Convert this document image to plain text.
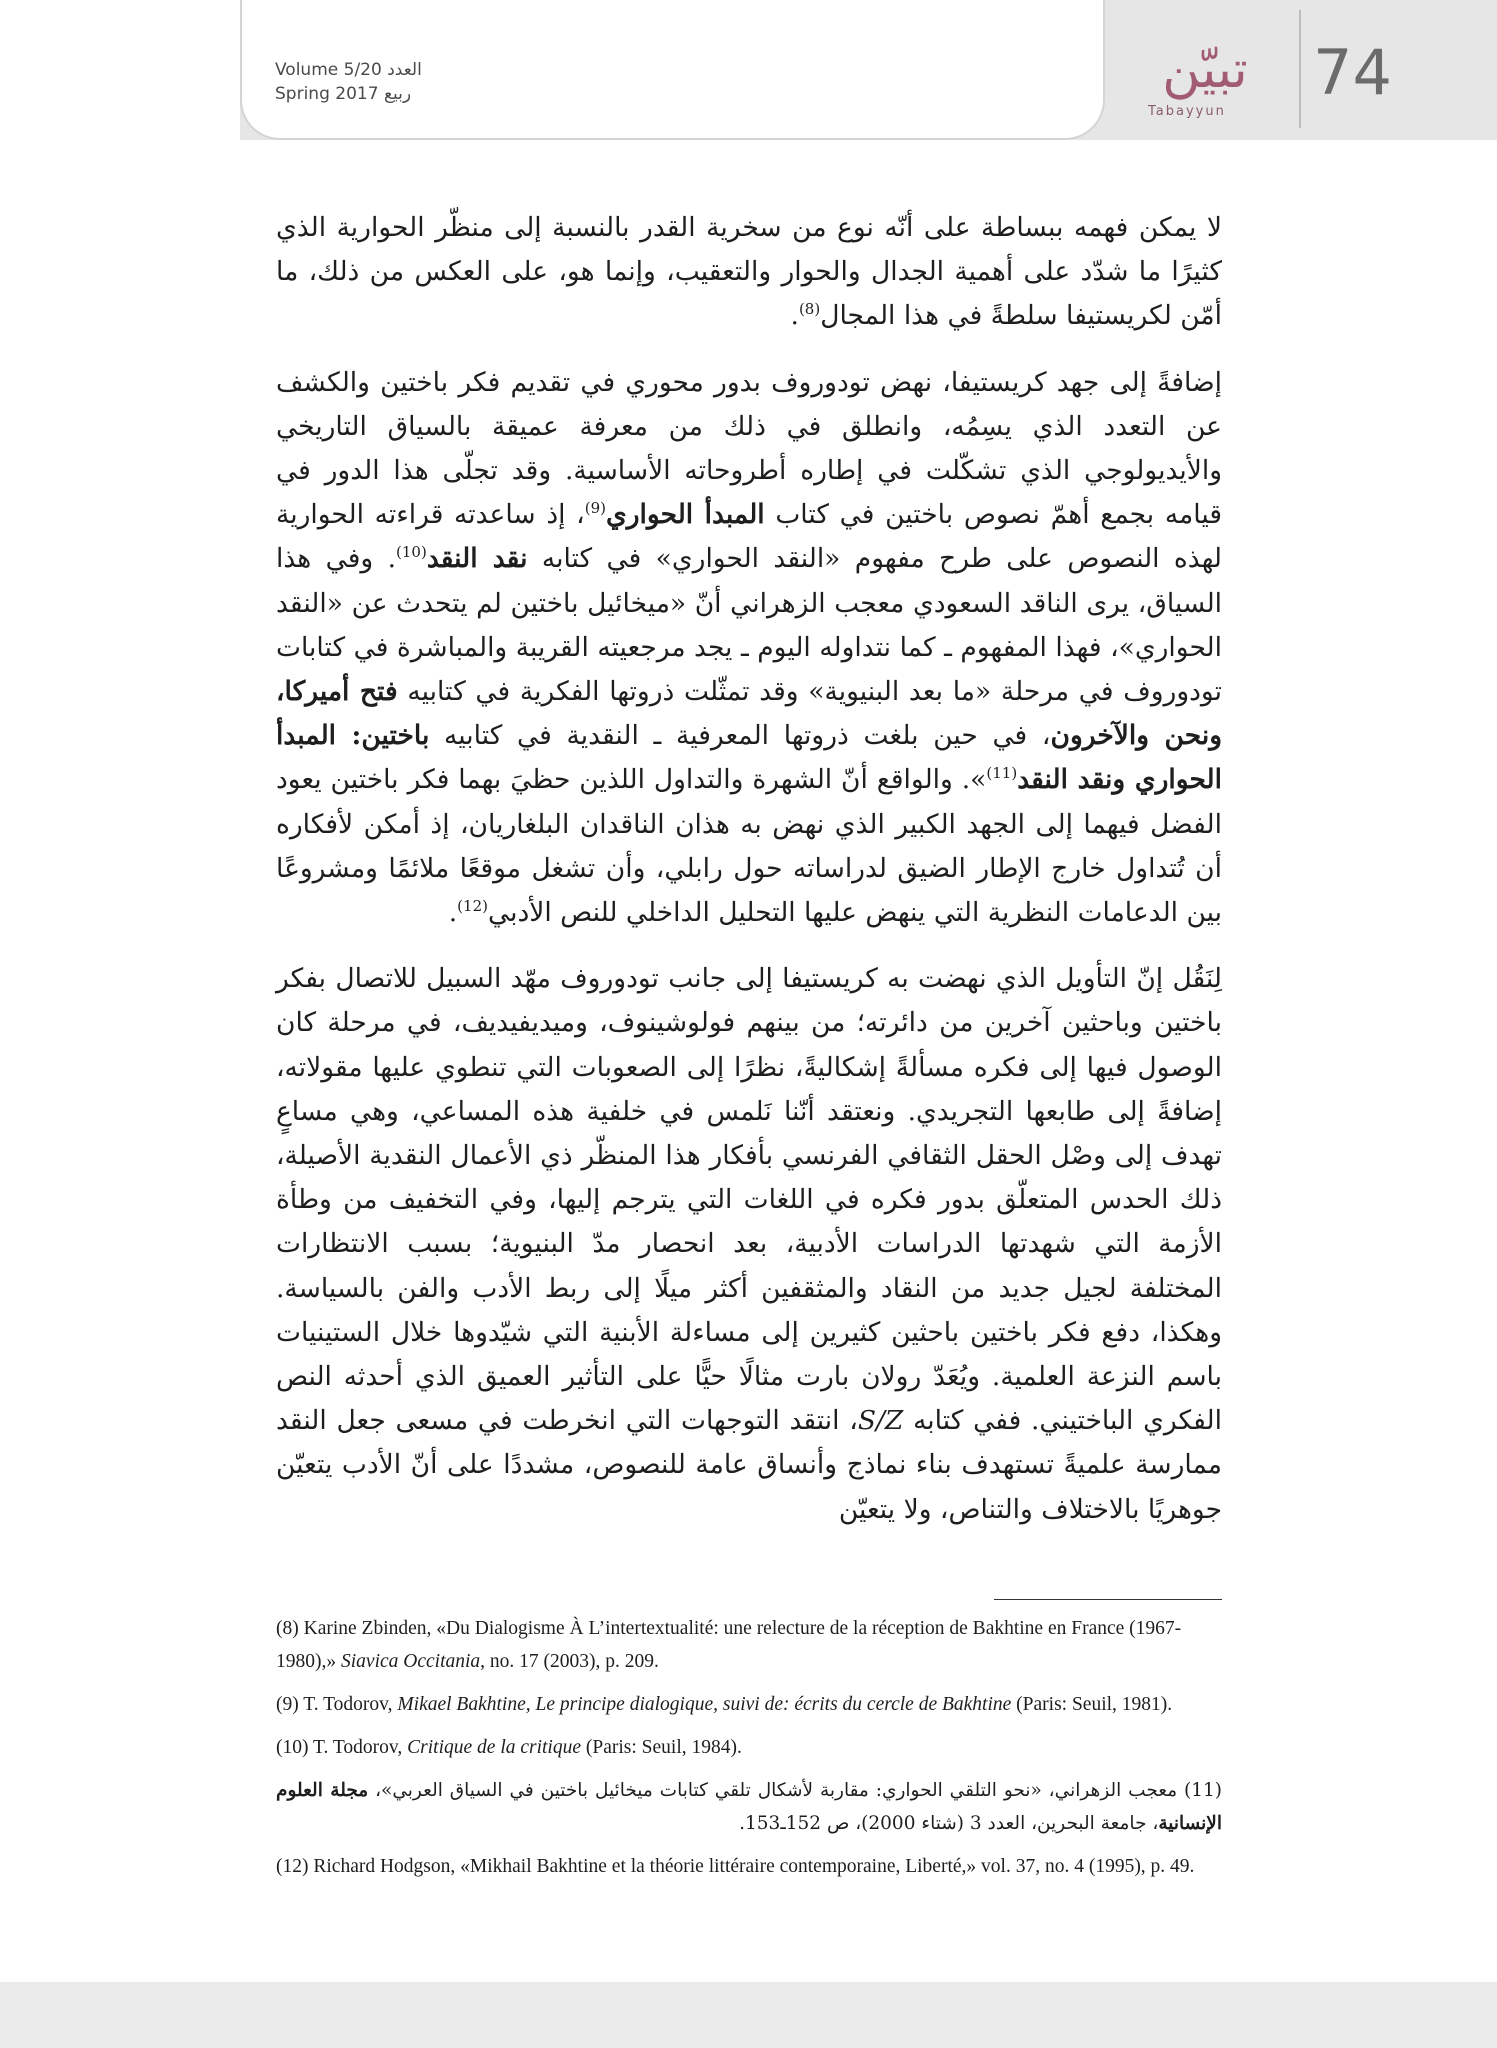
Volume 5/20 العدد
Spring 2017 ربيع	تبيّن
Tabayyun
74

لا يمكن فهمه ببساطة على أنّه نوع من سخرية القدر بالنسبة إلى منظّر الحوارية الذي كثيرًا ما شدّد على أهمية الجدال والحوار والتعقيب، وإنما هو، على العكس من ذلك، ما أمّن لكريستيفا سلطةً في هذا المجال$^{(8)}$.

إضافةً إلى جهد كريستيفا، نهض تودوروف بدور محوري في تقديم فكر باختين والكشف عن التعدد الذي يسِمُه، وانطلق في ذلك من معرفة عميقة بالسياق التاريخي والأيديولوجي الذي تشكّلت في إطاره أطروحاته الأساسية. وقد تجلّى هذا الدور في قيامه بجمع أهمّ نصوص باختين في كتاب المبدأ الحواري$^{(9)}$، إذ ساعدته قراءته الحوارية لهذه النصوص على طرح مفهوم «النقد الحواري» في كتابه نقد النقد$^{(10)}$. وفي هذا السياق، يرى الناقد السعودي معجب الزهراني أنّ «ميخائيل باختين لم يتحدث عن «النقد الحواري»، فهذا المفهوم ـ كما نتداوله اليوم ـ يجد مرجعيته القريبة والمباشرة في كتابات تودوروف في مرحلة «ما بعد البنيوية» وقد تمثّلت ذروتها الفكرية في كتابيه فتح أميركا، ونحن والآخرون، في حين بلغت ذروتها المعرفية ـ النقدية في كتابيه باختين: المبدأ الحواري ونقد النقد$^{(11)}$». والواقع أنّ الشهرة والتداول اللذين حظيَ بهما فكر باختين يعود الفضل فيهما إلى الجهد الكبير الذي نهض به هذان الناقدان البلغاريان، إذ أمكن لأفكاره أن تُتداول خارج الإطار الضيق لدراساته حول رابلي، وأن تشغل موقعًا ملائمًا ومشروعًا بين الدعامات النظرية التي ينهض عليها التحليل الداخلي للنص الأدبي$^{(12)}$.

لِنَقُل إنّ التأويل الذي نهضت به كريستيفا إلى جانب تودوروف مهّد السبيل للاتصال بفكر باختين وباحثين آخرين من دائرته؛ من بينهم فولوشينوف، وميديفيديف، في مرحلة كان الوصول فيها إلى فكره مسألةً إشكاليةً، نظرًا إلى الصعوبات التي تنطوي عليها مقولاته، إضافةً إلى طابعها التجريدي. ونعتقد أنّنا نَلمس في خلفية هذه المساعي، وهي مساعٍ تهدف إلى وصْل الحقل الثقافي الفرنسي بأفكار هذا المنظّر ذي الأعمال النقدية الأصيلة، ذلك الحدس المتعلّق بدور فكره في اللغات التي يترجم إليها، وفي التخفيف من وطأة الأزمة التي شهدتها الدراسات الأدبية، بعد انحصار مدّ البنيوية؛ بسبب الانتظارات المختلفة لجيل جديد من النقاد والمثقفين أكثر ميلًا إلى ربط الأدب والفن بالسياسة. وهكذا، دفع فكر باختين باحثين كثيرين إلى مساءلة الأبنية التي شيّدوها خلال الستينيات باسم النزعة العلمية. ويُعَدّ رولان بارت مثالًا حيًّا على التأثير العميق الذي أحدثه النص الفكري الباختيني. ففي كتابه S/Z، انتقد التوجهات التي انخرطت في مسعى جعل النقد ممارسة علميةً تستهدف بناء نماذج وأنساق عامة للنصوص، مشددًا على أنّ الأدب يتعيّن جوهريًا بالاختلاف والتناص، ولا يتعيّن

(8) Karine Zbinden, «Du Dialogisme À L’intertextualité: une relecture de la réception de Bakhtine en France (1967-1980),» Siavica Occitania, no. 17 (2003), p. 209.
(9) T. Todorov, Mikael Bakhtine, Le principe dialogique, suivi de: écrits du cercle de Bakhtine (Paris: Seuil, 1981).
(10) T. Todorov, Critique de la critique (Paris: Seuil, 1984).
(11) معجب الزهراني، «نحو التلقي الحواري: مقاربة لأشكال تلقي كتابات ميخائيل باختين في السياق العربي»، مجلة العلوم الإنسانية، جامعة البحرين، العدد 3 (شتاء 2000)، ص 152ـ153.
(12) Richard Hodgson, «Mikhail Bakhtine et la théorie littéraire contemporaine, Liberté,» vol. 37, no. 4 (1995), p. 49.
